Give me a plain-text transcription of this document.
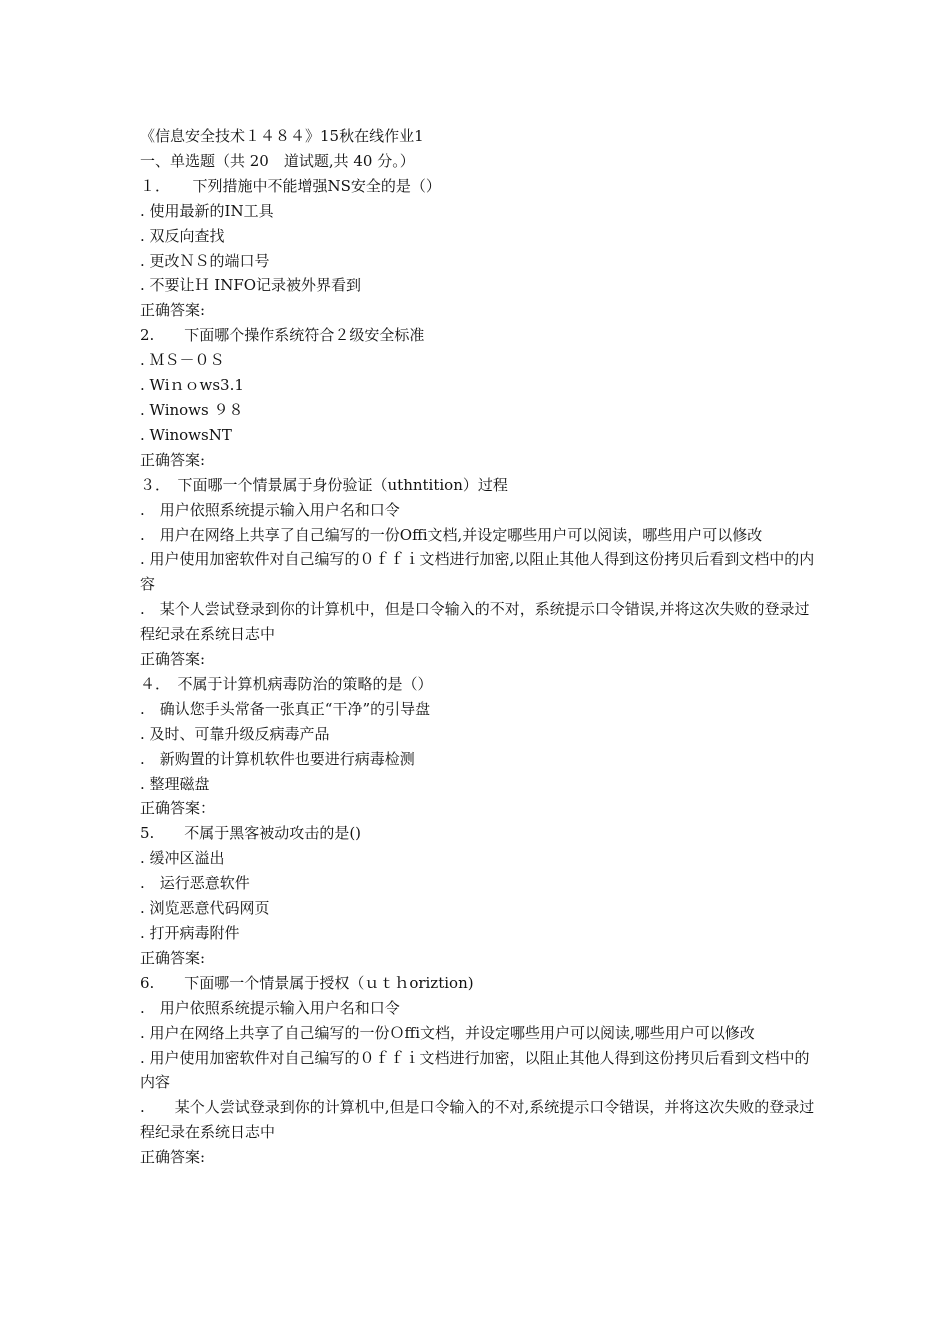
《信息安全技术１４８４》15秋在线作业1
一、单选题（共 20　道试题,共 40 分。）
１．　　下列措施中不能增强NS安全的是（）
. 使用最新的IN工具
. 双反向查找
. 更改ＮＳ的端口号
. 不要让Ｈ INFO记录被外界看到
正确答案:
2.　　下面哪个操作系统符合２级安全标准
. ＭＳ－０Ｓ
. Wiｎｏws3.1
. Winows ９８
. WinowsNT
正确答案:
３．　下面哪一个情景属于身份验证（uthntition）过程
.　用户依照系统提示输入用户名和口令
.　用户在网络上共享了自己编写的一份Offi文档,并设定哪些用户可以阅读，哪些用户可以修改
. 用户使用加密软件对自己编写的０ｆｆｉ文档进行加密,以阻止其他人得到这份拷贝后看到文档中的内容
.　某个人尝试登录到你的计算机中，但是口令输入的不对，系统提示口令错误,并将这次失败的登录过程纪录在系统日志中
正确答案:
４．　不属于计算机病毒防治的策略的是（）
.　确认您手头常备一张真正“干净”的引导盘
. 及时、可靠升级反病毒产品
.　新购置的计算机软件也要进行病毒检测
. 整理磁盘
正确答案：
5.　　不属于黑客被动攻击的是()
. 缓冲区溢出
.　运行恶意软件
. 浏览恶意代码网页
. 打开病毒附件
正确答案:
6.　　下面哪一个情景属于授权（ｕｔｈoriztion)
.　用户依照系统提示输入用户名和口令
. 用户在网络上共享了自己编写的一份Ｏffi文档，并设定哪些用户可以阅读,哪些用户可以修改
. 用户使用加密软件对自己编写的０ｆｆｉ文档进行加密，以阻止其他人得到这份拷贝后看到文档中的内容
.　　某个人尝试登录到你的计算机中,但是口令输入的不对,系统提示口令错误，并将这次失败的登录过程纪录在系统日志中
正确答案:
